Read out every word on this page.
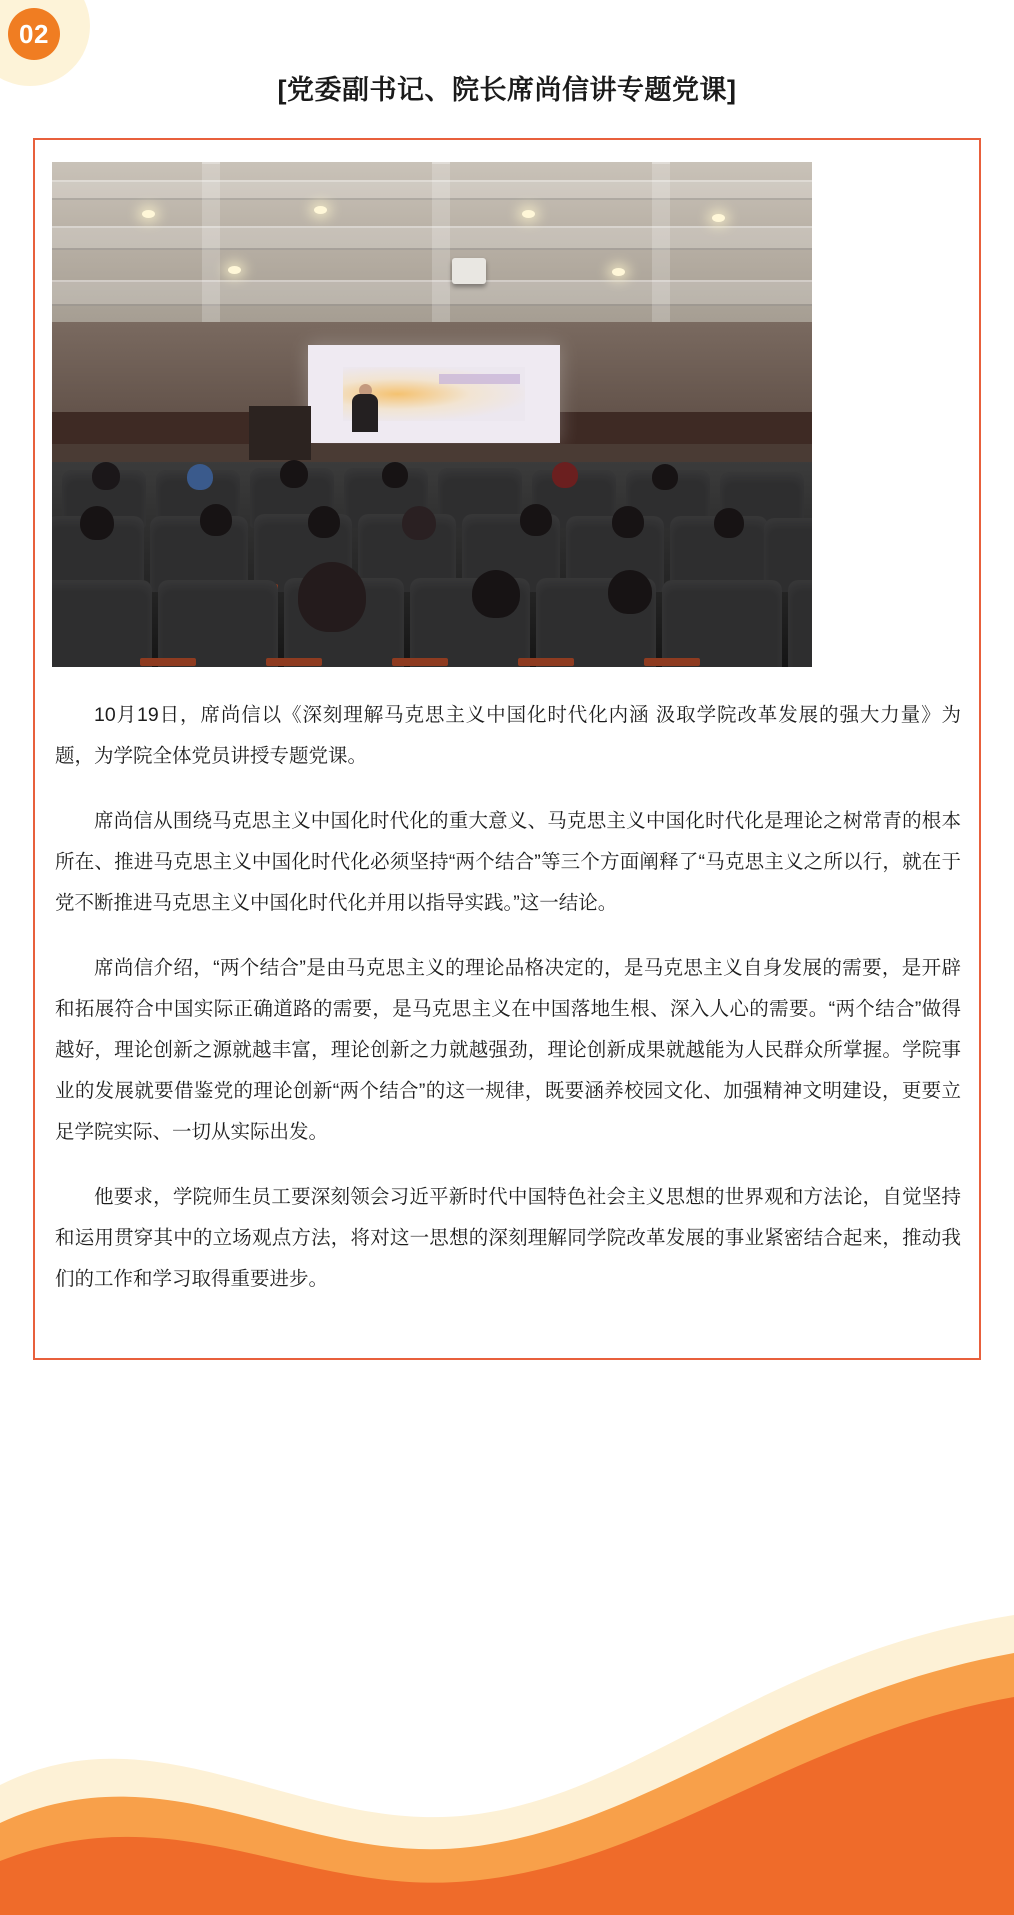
02
[党委副书记、院长席尚信讲专题党课]

10月19日，席尚信以《深刻理解马克思主义中国化时代化内涵 汲取学院改革发展的强大力量》为题，为学院全体党员讲授专题党课。

席尚信从围绕马克思主义中国化时代化的重大意义、马克思主义中国化时代化是理论之树常青的根本所在、推进马克思主义中国化时代化必须坚持“两个结合”等三个方面阐释了“马克思主义之所以行，就在于党不断推进马克思主义中国化时代化并用以指导实践。”这一结论。

席尚信介绍，“两个结合”是由马克思主义的理论品格决定的，是马克思主义自身发展的需要，是开辟和拓展符合中国实际正确道路的需要，是马克思主义在中国落地生根、深入人心的需要。“两个结合”做得越好，理论创新之源就越丰富，理论创新之力就越强劲，理论创新成果就越能为人民群众所掌握。学院事业的发展就要借鉴党的理论创新“两个结合”的这一规律，既要涵养校园文化、加强精神文明建设，更要立足学院实际、一切从实际出发。

他要求，学院师生员工要深刻领会习近平新时代中国特色社会主义思想的世界观和方法论，自觉坚持和运用贯穿其中的立场观点方法，将对这一思想的深刻理解同学院改革发展的事业紧密结合起来，推动我们的工作和学习取得重要进步。
